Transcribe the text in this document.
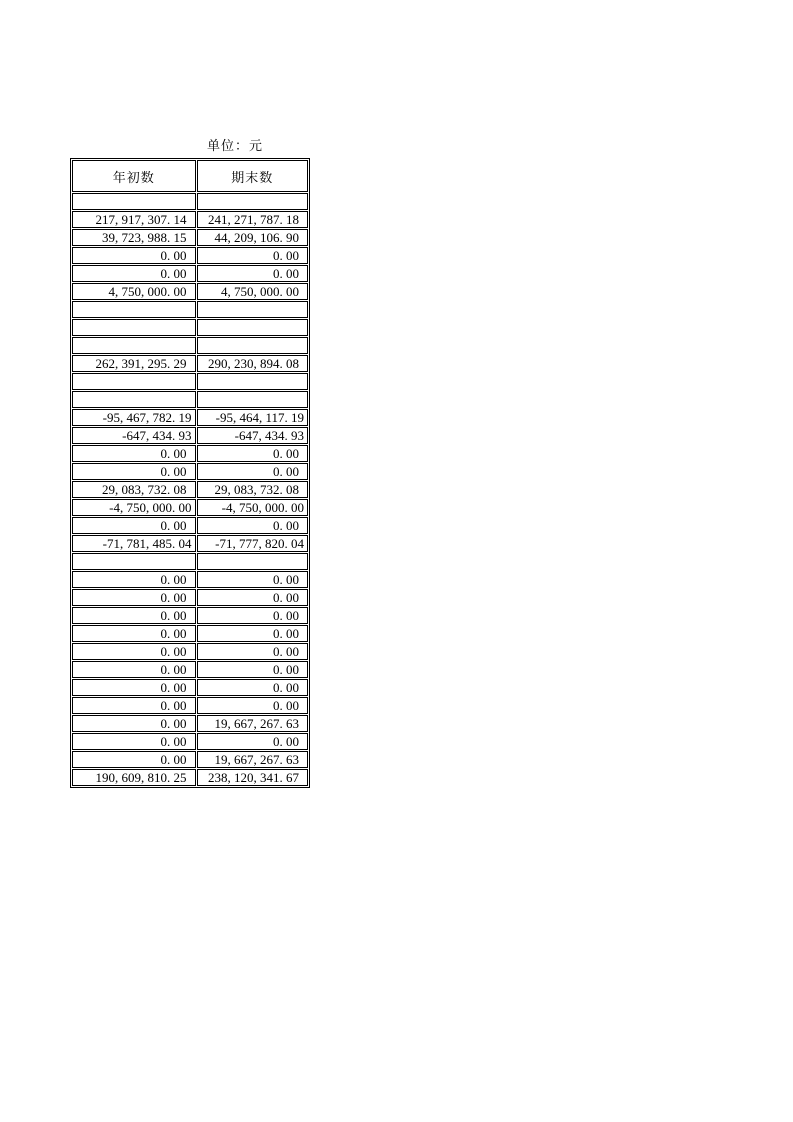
单位：元
年初数	期末数

217, 917, 307. 14	241, 271, 787. 18
39, 723, 988. 15	44, 209, 106. 90
0. 00	0. 00
0. 00	0. 00
4, 750, 000. 00	4, 750, 000. 00

262, 391, 295. 29	290, 230, 894. 08

-95, 467, 782. 19	-95, 464, 117. 19
-647, 434. 93	-647, 434. 93
0. 00	0. 00
0. 00	0. 00
29, 083, 732. 08	29, 083, 732. 08
-4, 750, 000. 00	-4, 750, 000. 00
0. 00	0. 00
-71, 781, 485. 04	-71, 777, 820. 04

0. 00	0. 00
0. 00	0. 00
0. 00	0. 00
0. 00	0. 00
0. 00	0. 00
0. 00	0. 00
0. 00	0. 00
0. 00	0. 00
0. 00	19, 667, 267. 63
0. 00	0. 00
0. 00	19, 667, 267. 63
190, 609, 810. 25	238, 120, 341. 67
